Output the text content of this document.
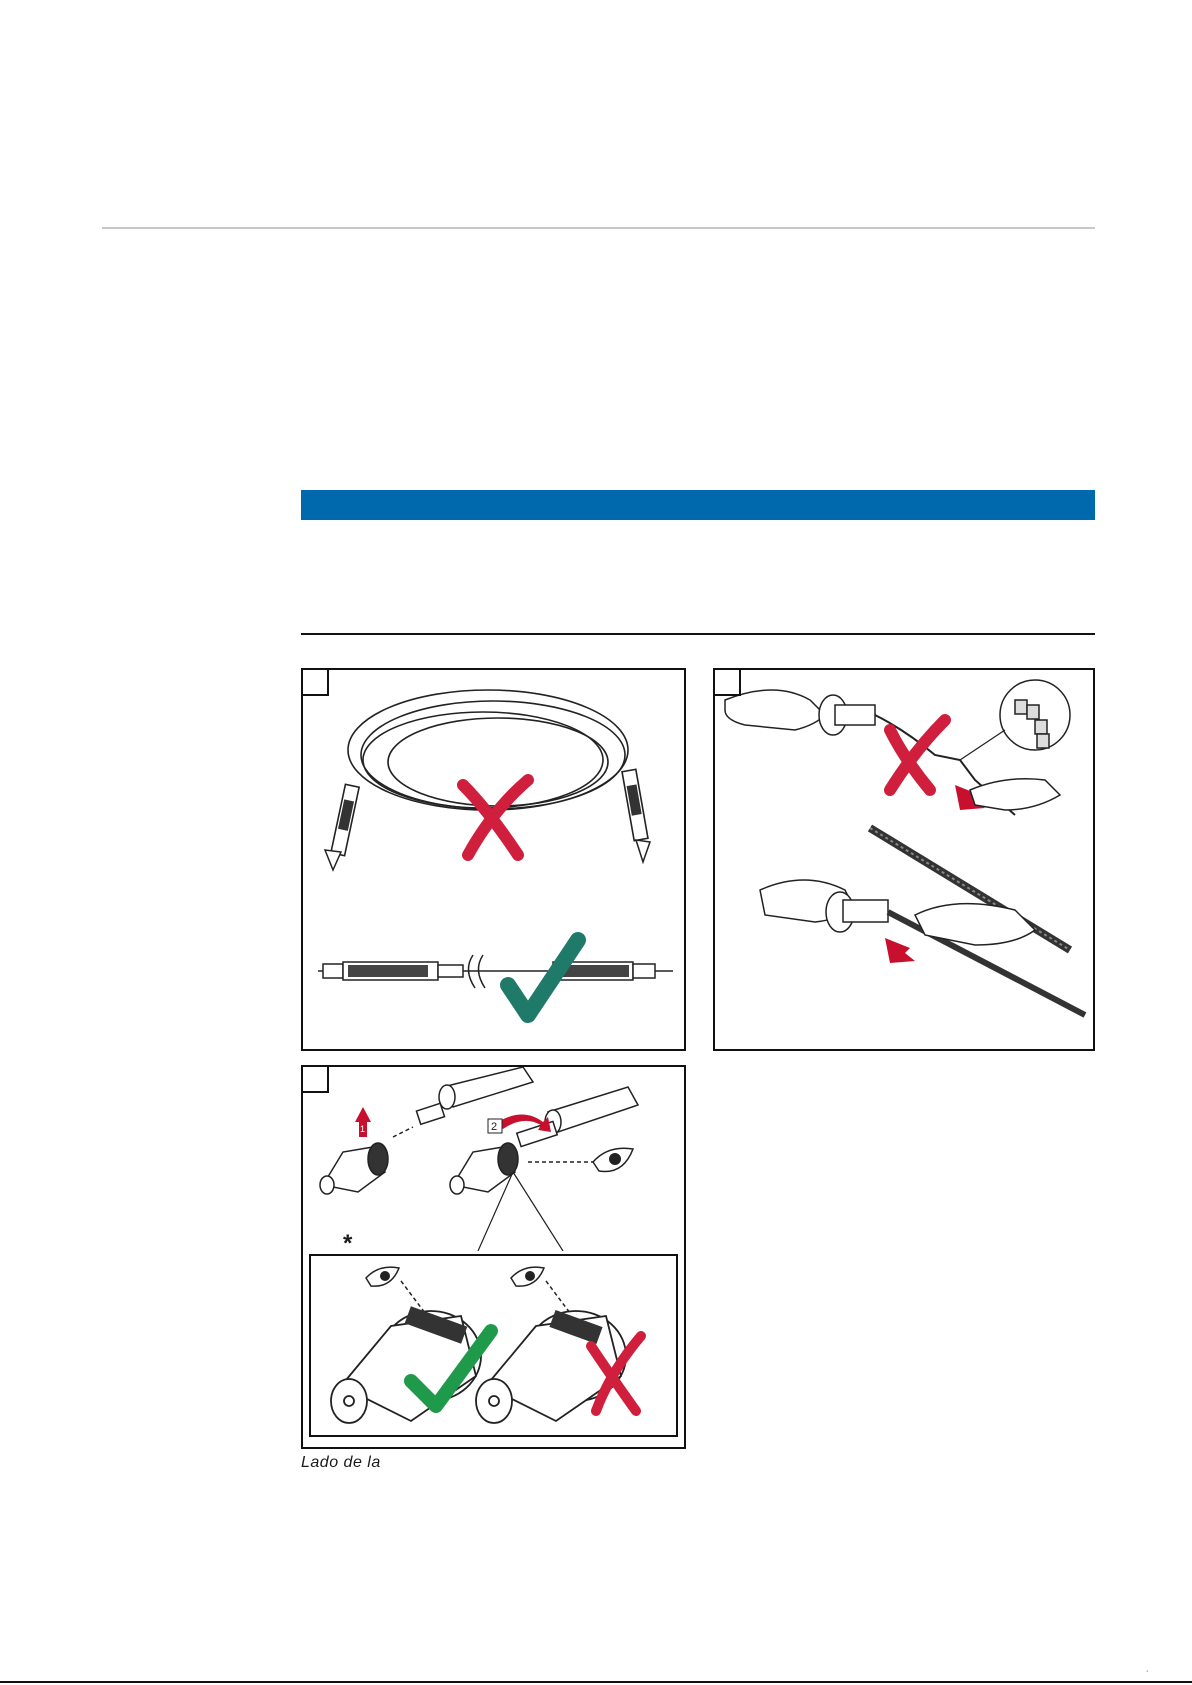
1	2
*
Lado de la
˙
